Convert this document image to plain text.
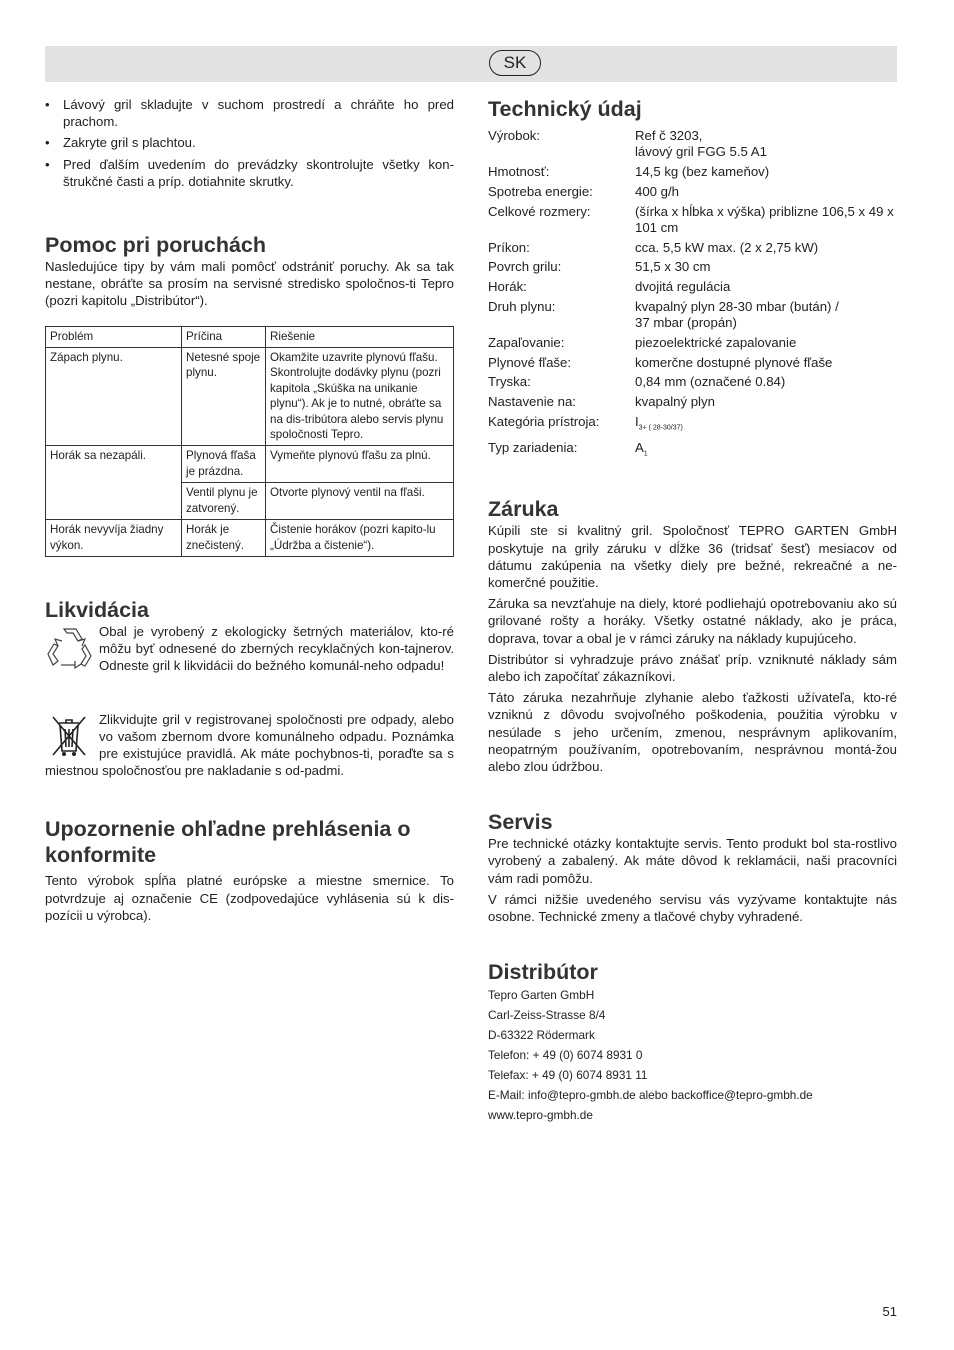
SK
• Lávový gril skladujte v suchom prostredí a chráňte ho pred prachom.
• Zakryte gril s plachtou.
• Pred ďalším uvedením do prevádzky skontrolujte všetky kon-štrukčné časti a príp. dotiahnite skrutky.
Pomoc pri poruchách

Nasledujúce tipy by vám mali pomôcť odstrániť poruchy. Ak sa tak nestane, obráťte sa prosím na servisné stredisko spoločnos-ti Tepro (pozri kapitolu „Distribútor“).

Problém	Príčina	Riešenie
Zápach plynu.	Netesné spoje plynu.	Okamžite uzavrite plynovú fľašu. Skontrolujte dodávky plynu (pozri kapitola „Skúška na unikanie plynu“). Ak je to nutné, obráťte sa na dis-tribútora alebo servis plynu spoločnosti Tepro.
Horák sa nezapáli.	Plynová fľaša je prázdna.	Vymeňte plynovú fľašu za plnú.
	Ventil plynu je zatvorený.	Otvorte plynový ventil na fľaši.
Horák nevyvíja žiadny výkon.	Horák je znečistený.	Čistenie horákov (pozri kapito-lu „Údržba a čistenie“).
Likvidácia

Obal je vyrobený z ekologicky šetrných materiálov, kto-ré môžu byť odnesené do zberných recyklačných kon-tajnerov. Odneste gril k likvidácii do bežného komunál-neho odpadu!

Zlikvidujte gril v registrovanej spoločnosti pre odpady, alebo vo vašom zbernom dvore komunálneho odpadu. Poznámka pre existujúce pravidlá. Ak máte pochybnos-ti, poraďte sa s miestnou spoločnosťou pre nakladanie s od-padmi.

Upozornenie ohľadne prehlásenia o konformite

Tento výrobok spĺňa platné európske a miestne smernice. To potvrdzuje aj označenie CE (zodpovedajúce vyhlásenia sú k dis-pozícii u výrobca).

Technický údaj
Výrobok:	Ref č 3203,
lávový gril FGG 5.5 A1

Hmotnosť:	14,5 kg (bez kameňov)
Spotreba energie:	400 g/h
Celkové rozmery:	(šírka x hĺbka x výška) priblizne 106,5 x 49 x 101 cm
Príkon:	cca. 5,5 kW max. (2 x 2,75 kW)
Povrch grilu:	51,5 x 30 cm
Horák:	dvojitá regulácia
Druh plynu:	kvapalný plyn 28-30 mbar (bután) /
37 mbar (propán)

Zapaľovanie:	piezoelektrické zapalovanie
Plynové fľaše:	komerčne dostupné plynové fľaše
Tryska:	0,84 mm (označené 0.84)
Nastavenie na:	kvapalný plyn
Kategória prístroja:	$I_{3+ ( 28-30/37)}$
Typ zariadenia:	$A_1$
Záruka

Kúpili ste si kvalitný gril. Spoločnosť TEPRO GARTEN GmbH poskytuje na grily záruku v dĺžke 36 (tridsať šesť) mesiacov od dátumu zakúpenia na všetky diely pre bežné, rekreačné a ne-komerčné použitie.

Záruka sa nevzťahuje na diely, ktoré podliehajú opotrebovaniu ako sú grilované rošty a horáky. Všetky ostatné náklady, ako je práca, doprava, tovar a obal je v rámci záruky na náklady kupujúceho.

Distribútor si vyhradzuje právo znášať príp. vzniknuté náklady sám alebo ich započítať zákazníkovi.

Táto záruka nezahrňuje zlyhanie alebo ťažkosti užívateľa, kto-ré vzniknú z dôvodu svojvoľného poškodenia, použitia výrobku v nesúlade s jeho určením, zmenou, nesprávnym aplikovaním, neopatrným používaním, opotrebovaním, nesprávnou montá-žou alebo zlou údržbou.

Servis

Pre technické otázky kontaktujte servis. Tento produkt bol sta-rostlivo vyrobený a zabalený. Ak máte dôvod k reklamácii, naši pracovníci vám radi pomôžu.

V rámci nižšie uvedeného servisu vás vyzývame kontaktujte nás osobne. Technické zmeny a tlačové chyby vyhradené.

Distribútor
Tepro Garten GmbH
Carl-Zeiss-Strasse 8/4
D-63322 Rödermark
Telefon: + 49 (0) 6074 8931 0
Telefax: + 49 (0) 6074 8931 11
E-Mail: info@tepro-gmbh.de alebo backoffice@tepro-gmbh.de
www.tepro-gmbh.de
51
